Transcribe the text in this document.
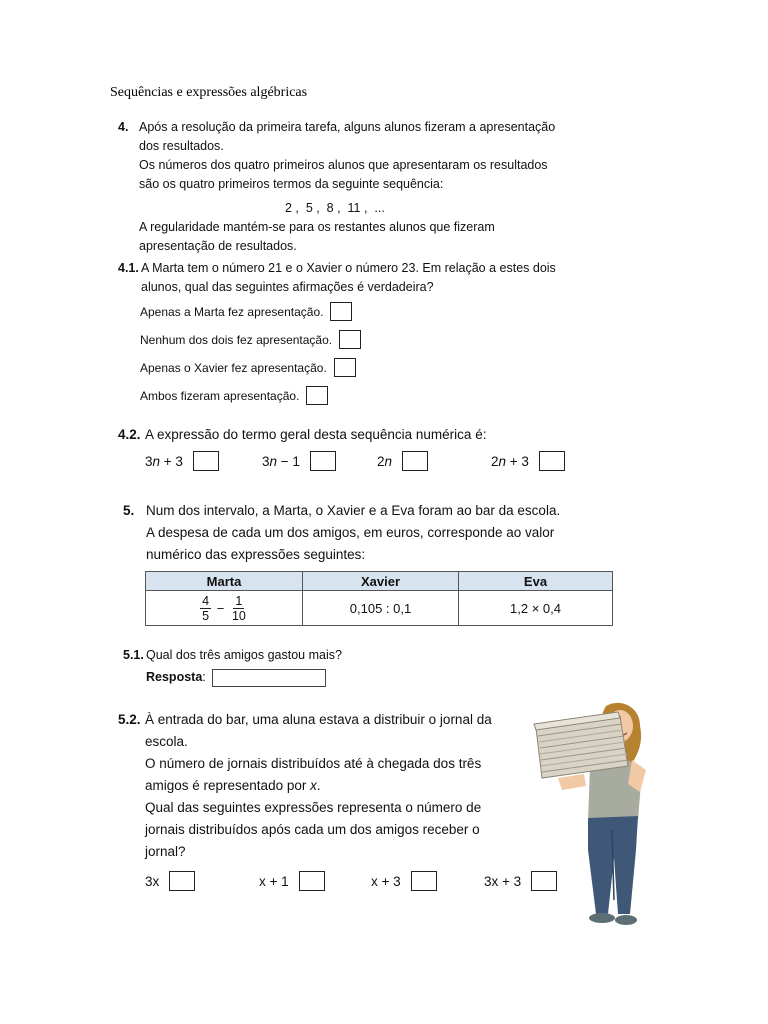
Sequências e expressões algébricas
4. Após a resolução da primeira tarefa, alguns alunos fizeram a apresentação
dos resultados.
Os números dos quatro primeiros alunos que apresentaram os resultados
são os quatro primeiros termos da seguinte sequência:
2 ,  5 ,  8 ,  11 ,  ...
A regularidade mantém-se para os restantes alunos que fizeram
apresentação de resultados.
4.1. A Marta tem o número 21 e o Xavier o número 23. Em relação a estes dois
alunos, qual das seguintes afirmações é verdadeira?
Apenas a Marta fez apresentação.
Nenhum dos dois fez apresentação.
Apenas o Xavier fez apresentação.
Ambos fizeram apresentação.
4.2. A expressão do termo geral desta sequência numérica é:
3n + 3	3n − 1	2n	2n + 3
5. Num dos intervalo, a Marta, o Xavier e a Eva foram ao bar da escola.
A despesa de cada um dos amigos, em euros, corresponde ao valor
numérico das expressões seguintes:
Marta	Xavier	Eva

$\frac{4}{5} - \frac{1}{10}$	0,105 : 0,1	1,2 × 0,4
5.1. Qual dos três amigos gastou mais?
Resposta:
5.2. À entrada do bar, uma aluna estava a distribuir o jornal da
escola.
O número de jornais distribuídos até à chegada dos três
amigos é representado por x.
Qual das seguintes expressões representa o número de
jornais distribuídos após cada um dos amigos receber o
jornal?
3x	x + 1	x + 3	3x + 3
